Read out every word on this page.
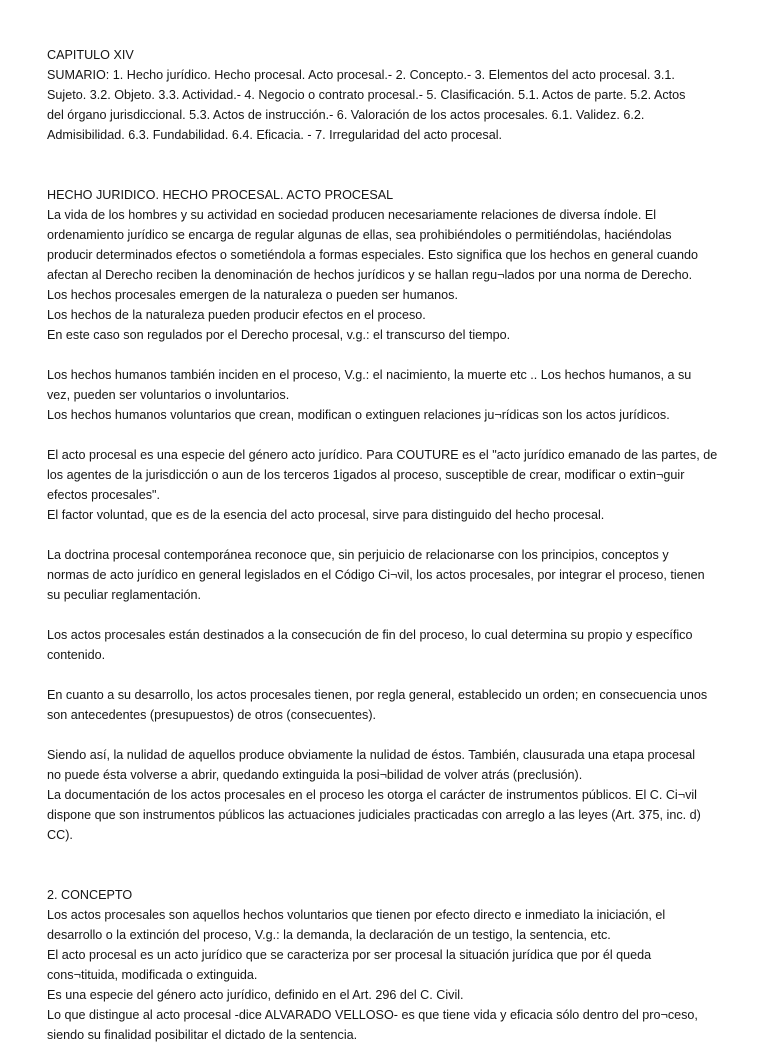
CAPITULO XIV
SUMARIO: 1. Hecho jurídico. Hecho procesal. Acto procesal.- 2. Concepto.- 3. Elementos del acto procesal. 3.1.
Sujeto. 3.2. Objeto. 3.3. Actividad.- 4. Negocio o contrato procesal.- 5. Clasificación. 5.1. Actos de parte. 5.2. Actos
del órgano jurisdiccional. 5.3. Actos de instrucción.- 6. Valoración de los actos procesales. 6.1. Validez. 6.2.
Admisibilidad. 6.3. Fundabilidad. 6.4. Eficacia. - 7. Irregularidad del acto procesal.
HECHO JURIDICO. HECHO PROCESAL. ACTO PROCESAL
La vida de los hombres y su actividad en sociedad producen necesariamente relaciones de diversa índole. El
ordenamiento jurídico se encarga de regular algunas de ellas, sea prohibiéndoles o permitiéndolas, haciéndolas
producir determinados efectos o sometiéndola a formas especiales. Esto significa que los hechos en general cuando
afectan al Derecho reciben la denominación de hechos jurídicos y se hallan regu¬lados por una norma de Derecho.
Los hechos procesales emergen de la naturaleza o pueden ser humanos.
Los hechos de la naturaleza pueden producir efectos en el proceso.
En este caso son regulados por el Derecho procesal, v.g.: el transcurso del tiempo.
Los hechos humanos también inciden en el proceso, V.g.: el nacimiento, la muerte etc .. Los hechos humanos, a su
vez, pueden ser voluntarios o involuntarios.
Los hechos humanos voluntarios que crean, modifican o extinguen relaciones ju¬rídicas son los actos jurídicos.
El acto procesal es una especie del género acto jurídico. Para COUTURE es el "acto jurídico emanado de las partes, de
los agentes de la jurisdicción o aun de los terceros 1igados al proceso, susceptible de crear, modificar o extin¬guir
efectos procesales".
El factor voluntad, que es de la esencia del acto procesal, sirve para distinguido del hecho procesal.
La doctrina procesal contemporánea reconoce que, sin perjuicio de relacionarse con los principios, conceptos y
normas de acto jurídico en general legislados en el Código Ci¬vil, los actos procesales, por integrar el proceso, tienen
su peculiar reglamentación.
Los actos procesales están destinados a la consecución de fin del proceso, lo cual determina su propio y específico
contenido.
En cuanto a su desarrollo, los actos procesales tienen, por regla general, establecido un orden; en consecuencia unos
son antecedentes (presupuestos) de otros (consecuentes).
Siendo así, la nulidad de aquellos produce obviamente la nulidad de éstos. También, clausurada una etapa procesal
no puede ésta volverse a abrir, quedando extinguida la posi¬bilidad de volver atrás (preclusión).
La documentación de los actos procesales en el proceso les otorga el carácter de instrumentos públicos. El C. Ci¬vil
dispone que son instrumentos públicos las actuaciones judiciales practicadas con arreglo a las leyes (Art. 375, inc. d)
CC).
2. CONCEPTO
Los actos procesales son aquellos hechos voluntarios que tienen por efecto directo e inmediato la iniciación, el
desarrollo o la extinción del proceso, V.g.: la demanda, la declaración de un testigo, la sentencia, etc.
El acto procesal es un acto jurídico que se caracteriza por ser procesal la situación jurídica que por él queda
cons¬tituida, modificada o extinguida.
Es una especie del género acto jurídico, definido en el Art. 296 del C. Civil.
Lo que distingue al acto procesal -dice ALVARADO VELLOSO- es que tiene vida y eficacia sólo dentro del pro¬ceso,
siendo su finalidad posibilitar el dictado de la sentencia.
